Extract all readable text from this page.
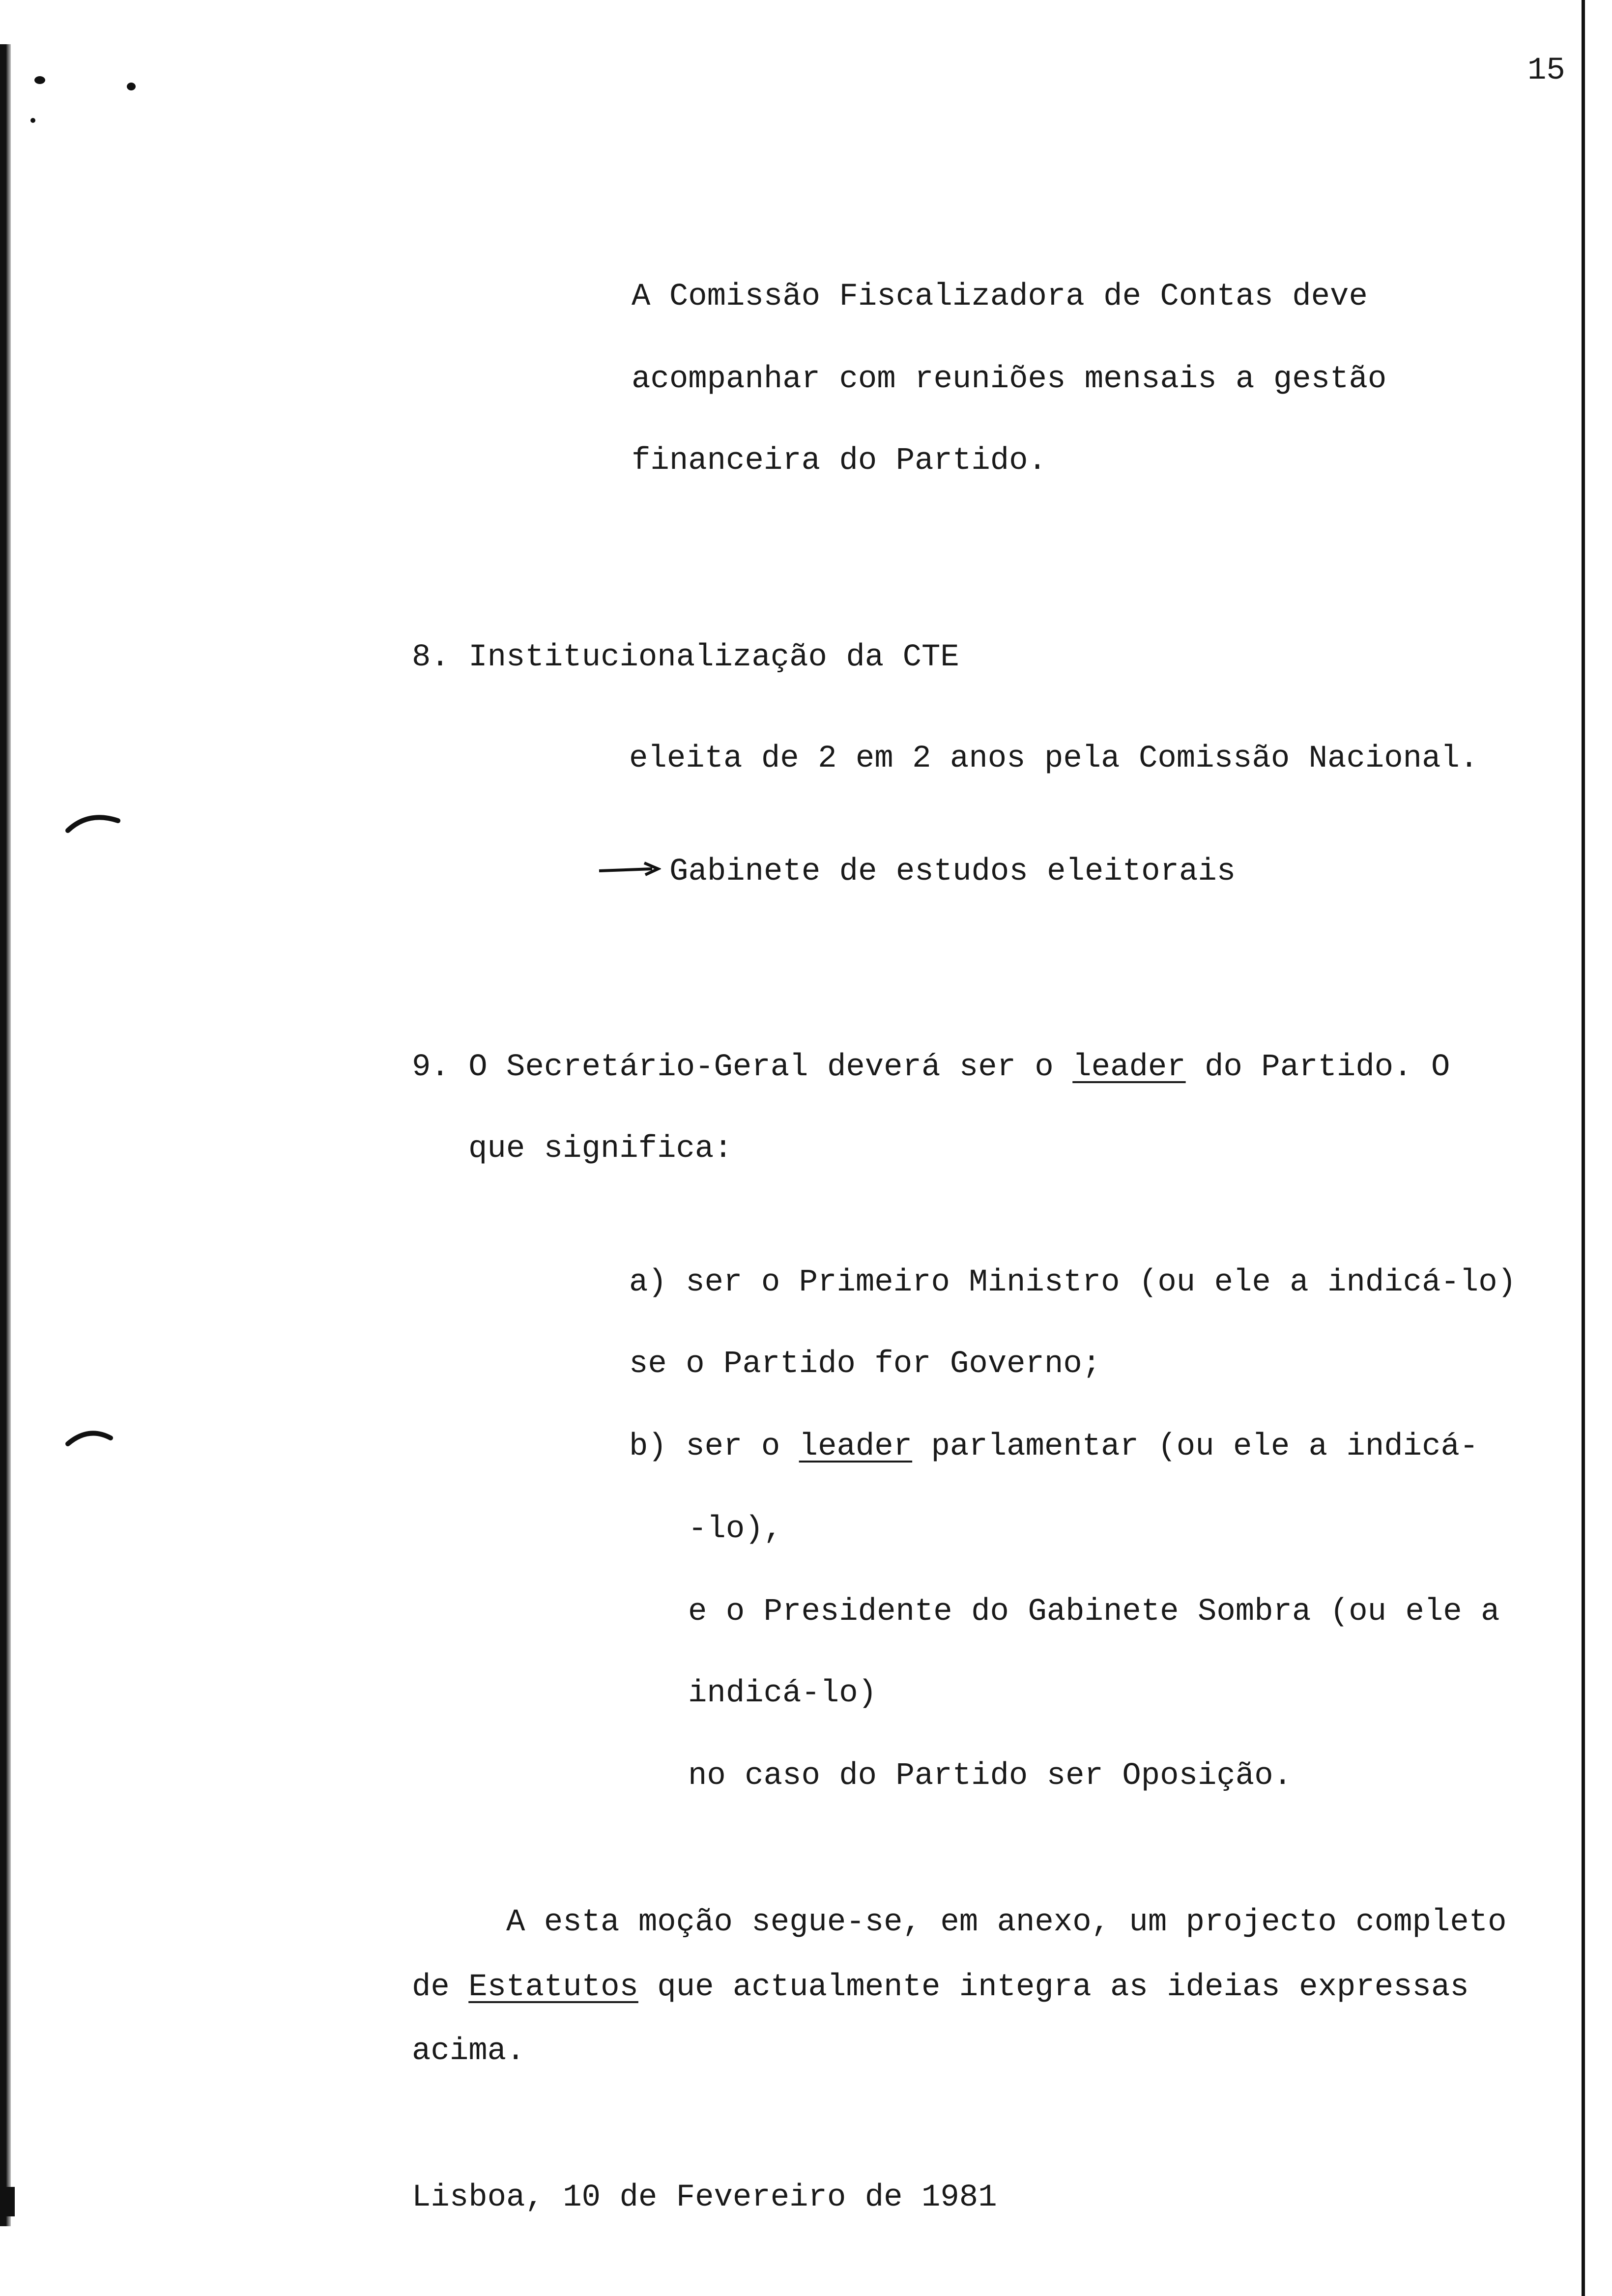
15
A Comissão Fiscalizadora de Contas deve
acompanhar com reuniões mensais a gestão
financeira do Partido.
8. Institucionalização da CTE
eleita de 2 em 2 anos pela Comissão Nacional.
Gabinete de estudos eleitorais
9. O Secretário-Geral deverá ser o leader do Partido. O
que significa:
a) ser o Primeiro Ministro (ou ele a indicá-lo)
se o Partido for Governo;
b) ser o leader parlamentar (ou ele a indicá-
-lo),
e o Presidente do Gabinete Sombra (ou ele a
indicá-lo)
no caso do Partido ser Oposição.
A esta moção segue-se, em anexo, um projecto completo
de Estatutos que actualmente integra as ideias expressas
acima.
Lisboa, 10 de Fevereiro de 1981
